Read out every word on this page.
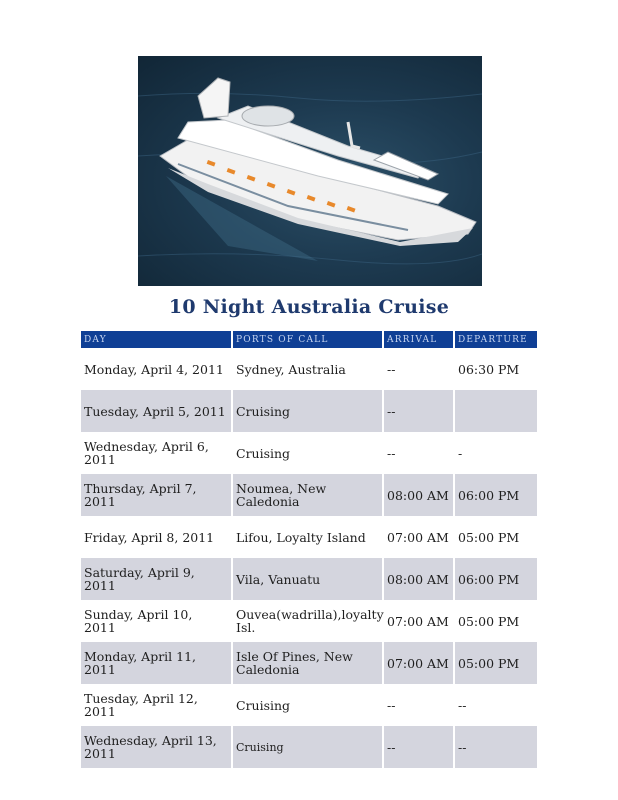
10 Night Australia Cruise
DAY	PORTS OF CALL	ARRIVAL	DEPARTURE
Monday, April 4, 2011	Sydney, Australia	--	06:30 PM
Tuesday, April 5, 2011	Cruising	--	
Wednesday, April 6, 2011	Cruising	--	-
Thursday, April 7, 2011	Noumea, New Caledonia	08:00 AM	06:00 PM
Friday, April 8, 2011	Lifou, Loyalty Island	07:00 AM	05:00 PM
Saturday, April 9, 2011	Vila, Vanuatu	08:00 AM	06:00 PM
Sunday, April 10, 2011	Ouvea(wadrilla),loyalty Isl.	07:00 AM	05:00 PM
Monday, April 11, 2011	Isle Of Pines, New Caledonia	07:00 AM	05:00 PM
Tuesday, April 12, 2011	Cruising	--	--
Wednesday, April 13, 2011	Cruising	--	--
